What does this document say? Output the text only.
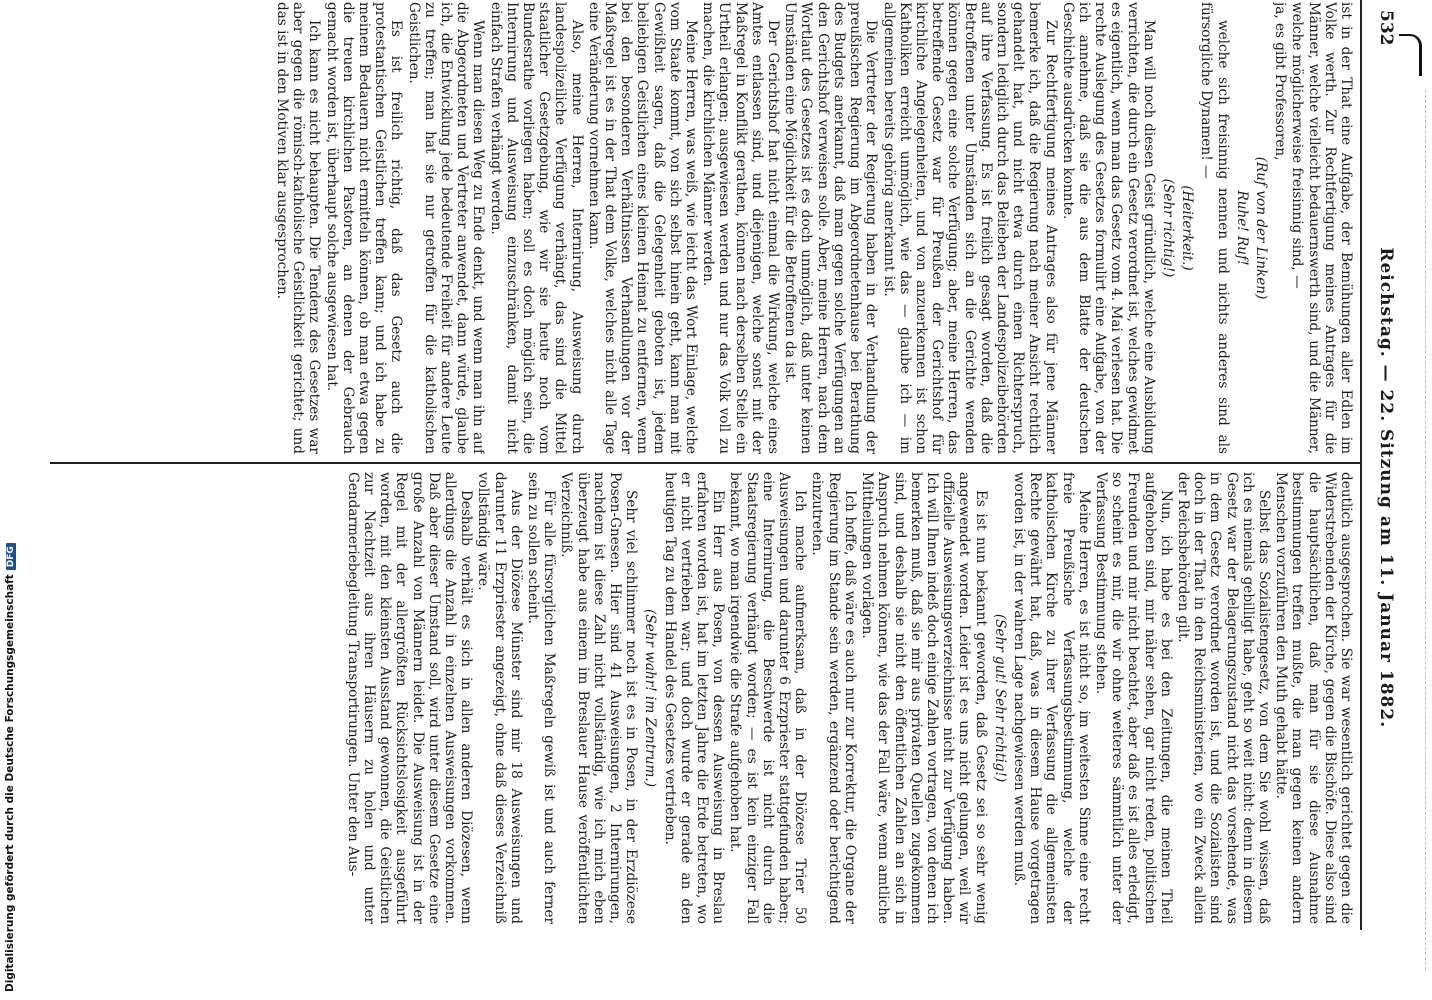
532
Reichstag. — 22. Sitzung am 11. Januar 1882.

ist in der That eine Aufgabe, der Bemühungen aller Edlen im Volke werth. Zur Rechtfertigung meines Antrages für die Männer, welche vielleicht bedauernswerth sind, und die Männer, welche möglicherweise freisinnig sind, —

ja, es gibt Professoren,

(Ruf von der Linken)

Ruhe! Ruf!

welche sich freisinnig nennen und nichts anderes sind als fürsorgliche Dynamen! —

(Heiterkeit.)

(Sehr richtig!)

Man will noch diesen Geist gründlich, welche eine Ausbildung verrichten, die durch ein Gesetz verordnet ist, welches gewidmet es eigentlich, wenn man das Gesetz vom 4. Mai verlesen hat. Die rechte Auslegung des Gesetzes formulirt eine Aufgabe, von der ich annehme, daß sie die aus dem Blatte der deutschen Geschichte ausdrücken konnte.

Zur Rechtfertigung meines Antrages also für jene Männer bemerke ich, daß die Regierung nach meiner Ansicht rechtlich gehandelt hat, und nicht etwa durch einen Richterspruch, sondern lediglich durch das Belieben der Landespolizeibehörden auf ihre Verfassung. Es ist freilich gesagt worden, daß die Betroffenen unter Umständen sich an die Gerichte wenden können gegen eine solche Verfügung; aber, meine Herren, das betreffende Gesetz war für Preußen der Gerichtshof für kirchliche Angelegenheiten, und von anzuerkennen ist schon Katholiken erreicht unmöglich, wie das — glaube ich — im allgemeinen bereits gehörig anerkannt ist.

Die Vertreter der Regierung haben in der Verhandlung der preußischen Regierung im Abgeordnetenhause bei Berathung des Budgets anerkannt, daß man gegen solche Verfügungen an den Gerichtshof verweisen solle. Aber, meine Herren, nach dem Wortlaut des Gesetzes ist es doch unmöglich, daß unter keinen Umständen eine Möglichkeit für die Betroffenen da ist.

Der Gerichtshof hat nicht einmal die Wirkung, welche eines Amtes entlassen sind, und diejenigen, welche sonst mit der Maßregel in Konflikt gerathen, können nach derselben Stelle ein Urtheil erlangen; ausgewiesen werden und nur das Volk voll zu machen, die kirchlichen Männer werden.

Meine Herren, was weiß, wie leicht das Wort Einlage, welche vom Staate kommt, von sich selbst hinein geht, kann man mit Gewißheit sagen, daß die Gelegenheit geboten ist, jedem beliebigen Geistlichen eines kleinen Heimat zu entfernen, wenn bei den besonderen Verhältnissen Verhandlungen vor der Maßregel ist es in der That dem Volke, welches nicht alle Tage eine Veränderung vornehmen kann.

Also, meine Herren, Internirung, Ausweisung durch landespolizeiliche Verfügung verhängt, das sind die Mittel staatlicher Gesetzgebung, wie wir sie heute noch vom Bundesrathe vorliegen haben; soll es doch möglich sein, die Internirung und Ausweisung einzuschränken, damit nicht einfach Strafen verhängt werden.

Wenn man diesen Weg zu Ende denkt, und wenn man ihn auf die Abgeordneten und Vertreter anwendet, dann würde, glaube ich, die Entwicklung jede bedeutende Freiheit für andere Leute zu treffen; man hat sie nur getroffen für die katholischen Geistlichen.

Es ist freilich richtig, daß das Gesetz auch die protestantischen Geistlichen treffen kann; und ich habe zu meinem Bedauern nicht ermitteln können, ob man etwa gegen die treuen kirchlichen Pastoren, an denen der Gebrauch gemacht worden ist, überhaupt solche ausgewiesen hat.

Ich kann es nicht behaupten. Die Tendenz des Gesetzes war aber gegen die römisch-katholische Geistlichkeit gerichtet; und das ist in den Motiven klar ausgesprochen.

deutlich ausgesprochen. Sie war wesentlich gerichtet gegen die Widerstrebenden der Kirche, gegen die Bischöfe. Diese also sind die hauptsächlichen, daß man für sie diese Ausnahme bestimmungen treffen mußte, die man gegen keinen andern Menschen vorzuführen den Muth gehabt hätte.

Selbst das Sozialistengesetz, von dem Sie wohl wissen, daß ich es niemals gebilligt habe, geht so weit nicht: denn in diesem Gesetz war der Belagerungszustand nicht das vorsehende, was in dem Gesetz verordnet worden ist, und die Sozialisten sind doch in der That in den Reichsministerien, wo ein Zweck allein der Reichsbehörden gilt.

Nun, ich habe es bei den Zeitungen, die meinen Theil aufgehoben sind, mir näher sehen, gar nicht reden, politischen Freunden und mir nicht beachtet, aber daß es ist alles erledigt, so scheint es mir, die wir ohne weiteres sämmtlich unter der Verfassung Bestimmung stehen.

Meine Herren, es ist nicht so, im weitesten Sinne eine recht freie Preußische Verfassungsbestimmung, welche der katholischen Kirche zu ihrer Verfassung die allgemeinsten Rechte gewährt hat, daß, was in diesem Hause vorgetragen worden ist, in der wahren Lage nachgewiesen werden muß.

(Sehr gut! Sehr richtig!)

Es ist nun bekannt geworden, daß Gesetz sei so sehr wenig angewendet worden. Leider ist es uns nicht gelungen, weil wir offizielle Ausweisungsverzeichnisse nicht zur Verfügung haben. Ich will Ihnen indeß doch einige Zahlen vortragen, von denen ich bemerken muß, daß sie mir aus privaten Quellen zugekommen sind, und deshalb sie nicht den öffentlichen Zahlen an sich in Anspruch nehmen können, wie das der Fall wäre, wenn amtliche Mittheilungen vorlägen.

Ich hoffe, daß wäre es auch nur zur Korrektur, die Organe der Regierung im Stande sein werden, ergänzend oder berichtigend einzutreten.

Ich mache aufmerksam, daß in der Diözese Trier 50 Ausweisungen und darunter 6 Erzpriester stattgefunden haben; eine Internirung, die Beschwerde ist nicht durch die Staatsregierung verhängt worden; — es ist kein einziger Fall bekannt, wo man irgendwie die Strafe aufgehoben hat.

Ein Herr aus Posen, von dessen Ausweisung in Breslau erfahren worden ist, hat im letzten Jahre die Erde betreten, wo er nicht vertrieben war; und doch wurde er gerade an den heutigen Tag zu dem Handel des Gesetzes vertrieben.

(Sehr wahr! im Zentrum.)

Sehr viel schlimmer noch ist es in Posen, in der Erzdiözese Posen-Gnesen. Hier sind 41 Ausweisungen, 2 Internirungen, nachdem ist diese Zahl nicht vollständig, wie ich mich eben überzeugt habe aus einem im Breslauer Hause veröffentlichten Verzeichniß.

Für alle fürsorglichen Maßregeln gewiß ist und auch ferner sein zu sollen scheint.

Aus der Diözese Münster sind mir 18 Ausweisungen und darunter 11 Erzpriester angezeigt, ohne daß dieses Verzeichniß vollständig wäre.

Deshalb verhält es sich in allen anderen Diözesen, wenn allerdings die Anzahl in einzelnen Ausweisungen vorkommen. Daß aber dieser Umstand soll, wird unter diesem Gesetze eine große Anzahl von Männern leidet. Die Ausweisung ist in der Regel mit der allergrößten Rücksichtslosigkeit ausgeführt worden, mit den kleinsten Ausstand gewonnen, die Geistlichen zur Nachtzeit aus ihren Häusern zu holen und unter Gendarmeriebegleitung Transportirungen. Unter den Aus-

Digitalisierung gefördert durch die Deutsche ForschungsgemeinschaftDFG
